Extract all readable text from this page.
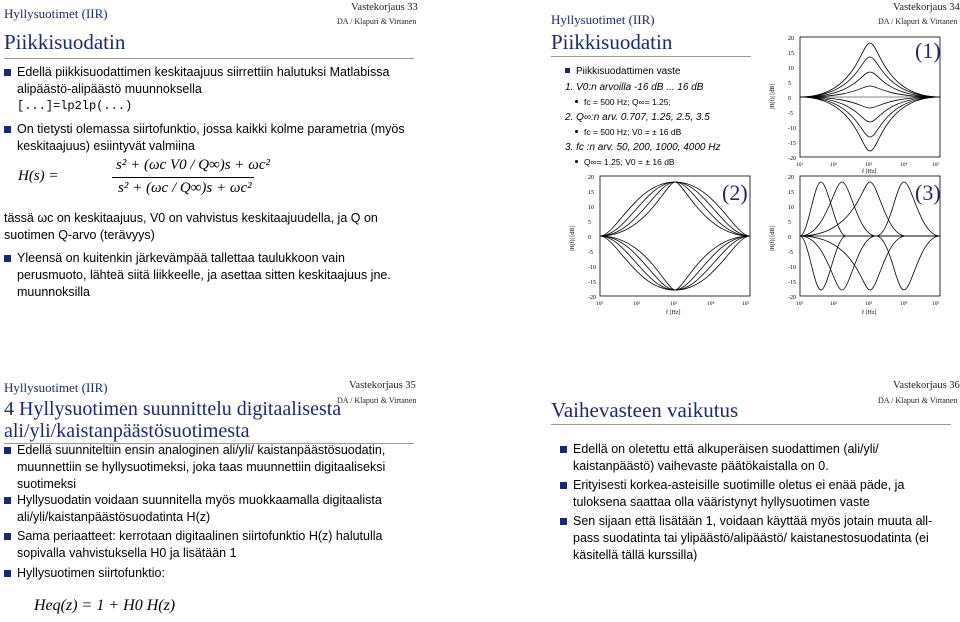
Hyllysuotimet (IIR)	Vastekorjaus 33
DA / Klapuri & Virtanen
Piikkisuodatin
Edellä piikkisuodattimen keskitaajuus siirrettiin halutuksi Matlabissa alipäästö-alipäästö muunnoksella
[...]=lp2lp(...)
On tietysti olemassa siirtofunktio, jossa kaikki kolme parametria (myös keskitaajuus) esiintyvät valmiina
H(s) =
s² + (ωc V0 / Q∞)s + ωc²
s² + (ωc / Q∞)s + ωc²
tässä ωc on keskitaajuus, V0 on vahvistus keskitaajuudella, ja Q on suotimen Q-arvo (terävyys)
Yleensä on kuitenkin järkevämpää tallettaa taulukkoon vain perusmuoto, lähteä siitä liikkeelle, ja asettaa sitten keskitaajuus jne. muunnoksilla
Hyllysuotimet (IIR)
Vastekorjaus 34
DA / Klapuri & Virtanen
Piikkisuodatin
Piikkisuodattimen vaste
1. V0:n arvoilla -16 dB ... 16 dB
fc = 500 Hz; Q∞= 1.25;
2. Q∞:n arv. 0.707, 1.25, 2.5, 3.5
fc = 500 Hz; V0 = ± 16 dB
3. fc :n arv. 50, 200, 1000, 4000 Hz
Q∞= 1.25; V0 = ± 16 dB
(1)
(2)	(3)
|H(f)| [dB]
20
15
10
5
0
-5
-10
-15
-20
10¹	10²	10³	10⁴	10⁵
f [Hz]
|H(f)| [dB]
20
15
10
5
0
-5
-10
-15
-20
10¹	10²	10³	10⁴	10⁵
f [Hz]
|H(f)| [dB]
20
15
10
5
0
-5
-10
-15
-20
10¹	10²	10³	10⁴	10⁵
f [Hz]
Hyllysuotimet (IIR)	Vastekorjaus 35
DA / Klapuri & Virtanen
4 Hyllysuotimen suunnittelu digitaalisesta
ali/yli/kaistanpäästösuotimesta
Edellä suunniteltiin ensin analoginen ali/yli/ kaistanpäästösuodatin, muunnettiin se hyllysuotimeksi, joka taas muunnettiin digitaaliseksi suotimeksi
Hyllysuodatin voidaan suunnitella myös muokkaamalla digitaalista ali/yli/kaistanpäästösuodatinta H(z)
Sama periaatteet: kerrotaan digitaalinen siirtofunktio H(z) halutulla sopivalla vahvistuksella H0 ja lisätään 1
Hyllysuotimen siirtofunktio:
Heq(z) = 1 + H0 H(z)
Vastekorjaus 36
DA / Klapuri & Virtanen
Vaihevasteen vaikutus
Edellä on oletettu että alkuperäisen suodattimen (ali/yli/ kaistanpäästö) vaihevaste päätökaistalla on 0.
Erityisesti korkea-asteisille suotimille oletus ei enää päde, ja tuloksena saattaa olla vääristynyt hyllysuotimen vaste
Sen sijaan että lisätään 1, voidaan käyttää myös jotain muuta all-pass suodatinta tai ylipäästö/alipäästö/ kaistanestosuodatinta (ei käsitellä tällä kurssilla)
